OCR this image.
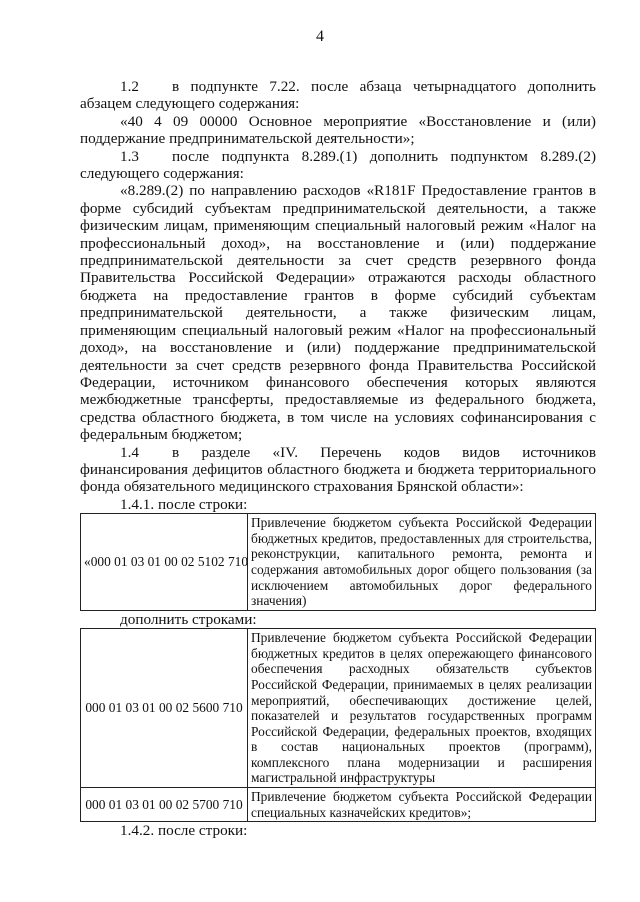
4

1.2 в подпункте 7.22. после абзаца четырнадцатого дополнить абзацем следующего содержания:

«40 4 09 00000 Основное мероприятие «Восстановление и (или) поддержание предпринимательской деятельности»;

1.3 после подпункта 8.289.(1) дополнить подпунктом 8.289.(2) следующего содержания:

«8.289.(2) по направлению расходов «R181F Предоставление грантов в форме субсидий субъектам предпринимательской деятельности, а также физическим лицам, применяющим специальный налоговый режим «Налог на профессиональный доход», на восстановление и (или) поддержание предпринимательской деятельности за счет средств резервного фонда Правительства Российской Федерации» отражаются расходы областного бюджета на предоставление грантов в форме субсидий субъектам предпринимательской деятельности, а также физическим лицам, применяющим специальный налоговый режим «Налог на профессиональный доход», на восстановление и (или) поддержание предпринимательской деятельности за счет средств резервного фонда Правительства Российской Федерации, источником финансового обеспечения которых являются межбюджетные трансферты, предоставляемые из федерального бюджета, средства областного бюджета, в том числе на условиях софинансирования с федеральным бюджетом;

1.4 в разделе «IV. Перечень кодов видов источников финансирования дефицитов областного бюджета и бюджета территориального фонда обязательного медицинского страхования Брянской области»:

1.4.1. после строки:

«000 01 03 01 00 02 5102 710	Привлечение бюджетом субъекта Российской Федерации бюджетных кредитов, предоставленных для строительства, реконструкции, капитального ремонта, ремонта и содержания автомобильных дорог общего пользования (за исключением автомобильных дорог федерального значения)

дополнить строками:

000 01 03 01 00 02 5600 710	Привлечение бюджетом субъекта Российской Федерации бюджетных кредитов в целях опережающего финансового обеспечения расходных обязательств субъектов Российской Федерации, принимаемых в целях реализации мероприятий, обеспечивающих достижение целей, показателей и результатов государственных программ Российской Федерации, федеральных проектов, входящих в состав национальных проектов (программ), комплексного плана модернизации и расширения магистральной инфраструктуры
000 01 03 01 00 02 5700 710	Привлечение бюджетом субъекта Российской Федерации специальных казначейских кредитов»;

1.4.2. после строки:
